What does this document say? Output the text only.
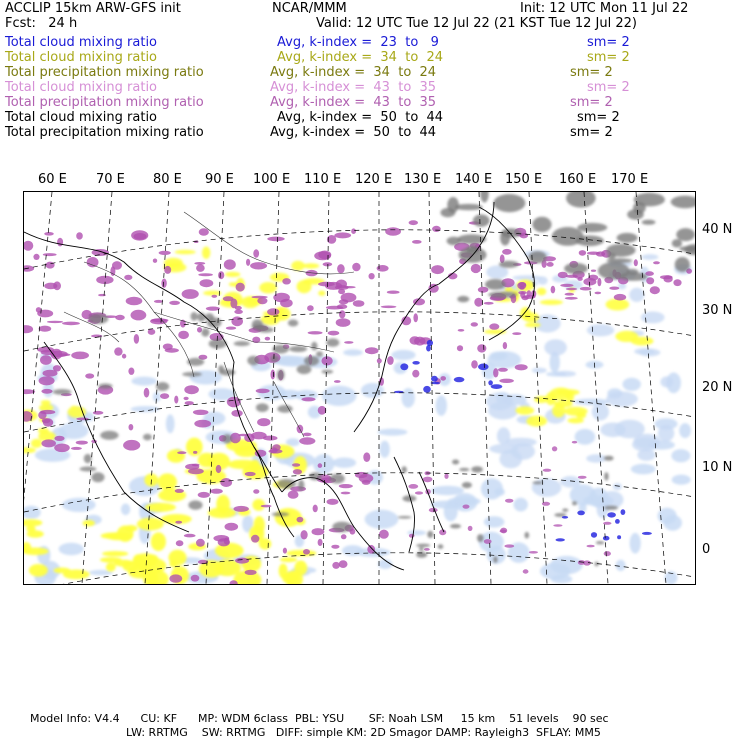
ACCLIP 15km ARW-GFS init	NCAR/MMM	Init: 12 UTC Mon 11 Jul 22
Fcst:   24 h	Valid: 12 UTC Tue 12 Jul 22 (21 KST Tue 12 Jul 22)
Total cloud mixing ratio	Avg, k-index =  23  to   9	sm= 2
Total cloud mixing ratio	Avg, k-index =  34  to  24	sm= 2
Total precipitation mixing ratio	Avg, k-index =  34  to  24	sm= 2
Total cloud mixing ratio	Avg, k-index =  43  to  35	sm= 2
Total precipitation mixing ratio	Avg, k-index =  43  to  35	sm= 2
Total cloud mixing ratio	Avg, k-index =  50  to  44	sm= 2
Total precipitation mixing ratio	Avg, k-index =  50  to  44	sm= 2
60 E 70 E 80 E 90 E 100 E 110 E 120 E 130 E 140 E 150 E 160 E 170 E
40 N
30 N
20 N
10 N
0
Model Info: V4.4      CU: KF      MP: WDM 6class  PBL: YSU       SF: Noah LSM     15 km    51 levels    90 sec
LW: RRTMG    SW: RRTMG   DIFF: simple KM: 2D Smagor DAMP: Rayleigh3  SFLAY: MM5
